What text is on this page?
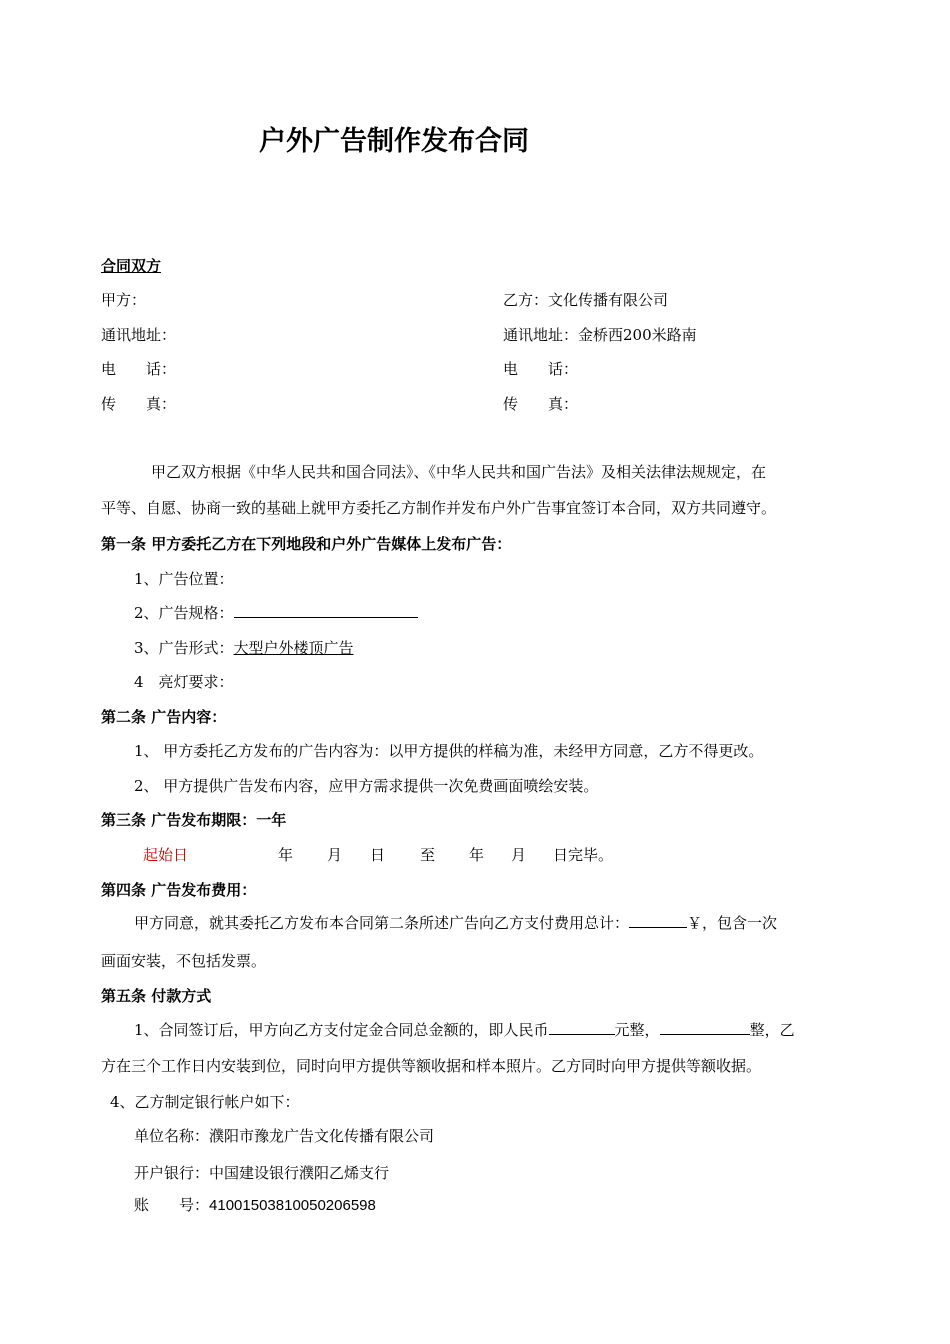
户外广告制作发布合同
合同双方
甲方：	乙方：文化传播有限公司
通讯地址：	通讯地址：金桥西200米路南
电　　话：	电　　话：
传　　真：	传　　真：
甲乙双方根据《中华人民共和国合同法》、《中华人民共和国广告法》及相关法律法规规定，在
平等、自愿、协商一致的基础上就甲方委托乙方制作并发布户外广告事宜签订本合同，双方共同遵守。
第一条 甲方委托乙方在下列地段和户外广告媒体上发布广告：
1、广告位置：
2、广告规格：
3、广告形式：大型户外楼顶广告
4　亮灯要求：
第二条 广告内容：
1、 甲方委托乙方发布的广告内容为：以甲方提供的样稿为准，未经甲方同意，乙方不得更改。
2、 甲方提供广告发布内容，应甲方需求提供一次免费画面喷绘安装。
第三条 广告发布期限：一年
起始日	年 月 日 至 年 月 日完毕。
第四条 广告发布费用：
甲方同意，就其委托乙方发布本合同第二条所述广告向乙方支付费用总计：	￥，包含一次
画面安装，不包括发票。
第五条 付款方式
1、合同签订后，甲方向乙方支付定金合同总金额的，即人民币	元整，	整，乙
方在三个工作日内安装到位，同时向甲方提供等额收据和样本照片。乙方同时向甲方提供等额收据。
4、乙方制定银行帐户如下：
单位名称：濮阳市豫龙广告文化传播有限公司
开户银行：中国建设银行濮阳乙烯支行
账　　号：41001503810050206598
